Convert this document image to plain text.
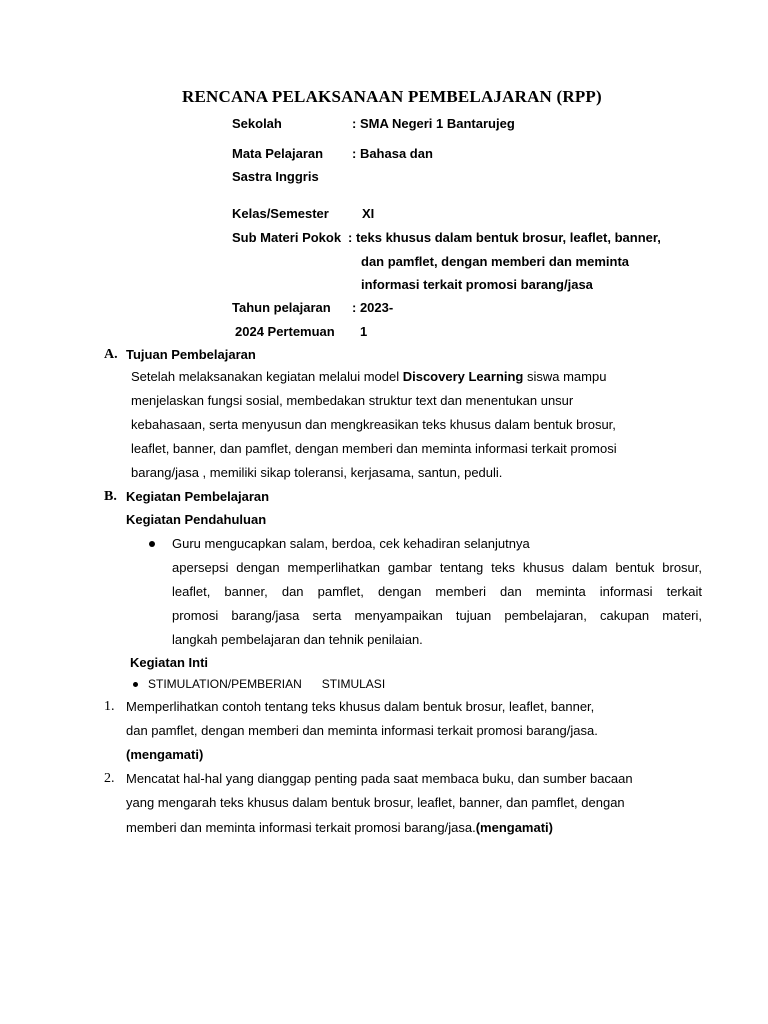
RENCANA PELAKSANAAN PEMBELAJARAN (RPP)
Sekolah	: SMA Negeri 1 Bantarujeg
Mata Pelajaran : Bahasa dan
Sastra Inggris
Kelas/Semester	XI
Sub Materi Pokok : teks khusus dalam bentuk brosur, leaflet, banner,
dan pamflet, dengan memberi dan meminta
informasi terkait promosi barang/jasa
Tahun pelajaran : 2023-
2024 Pertemuan 1
A. Tujuan Pembelajaran
Setelah melaksanakan kegiatan melalui model Discovery Learning siswa mampu
menjelaskan fungsi sosial, membedakan struktur text dan menentukan unsur
kebahasaan, serta menyusun dan mengkreasikan teks khusus dalam bentuk brosur,
leaflet, banner, dan pamflet, dengan memberi dan meminta informasi terkait promosi
barang/jasa , memiliki sikap toleransi, kerjasama, santun, peduli.
B. Kegiatan Pembelajaran
Kegiatan Pendahuluan
Guru mengucapkan salam, berdoa, cek kehadiran selanjutnya
apersepsi dengan memperlihatkan gambar tentang teks khusus dalam bentuk brosur,
leaflet, banner, dan pamflet, dengan memberi dan meminta informasi terkait
promosi barang/jasa serta menyampaikan tujuan pembelajaran, cakupan materi,
langkah pembelajaran dan tehnik penilaian.
Kegiatan Inti
STIMULATION/PEMBERIAN      STIMULASI
1. Memperlihatkan contoh tentang teks khusus dalam bentuk brosur, leaflet, banner,
dan pamflet, dengan memberi dan meminta informasi terkait promosi barang/jasa.
(mengamati)
2. Mencatat hal-hal yang dianggap penting pada saat membaca buku, dan sumber bacaan
yang mengarah teks khusus dalam bentuk brosur, leaflet, banner, dan pamflet, dengan
memberi dan meminta informasi terkait promosi barang/jasa.(mengamati)
